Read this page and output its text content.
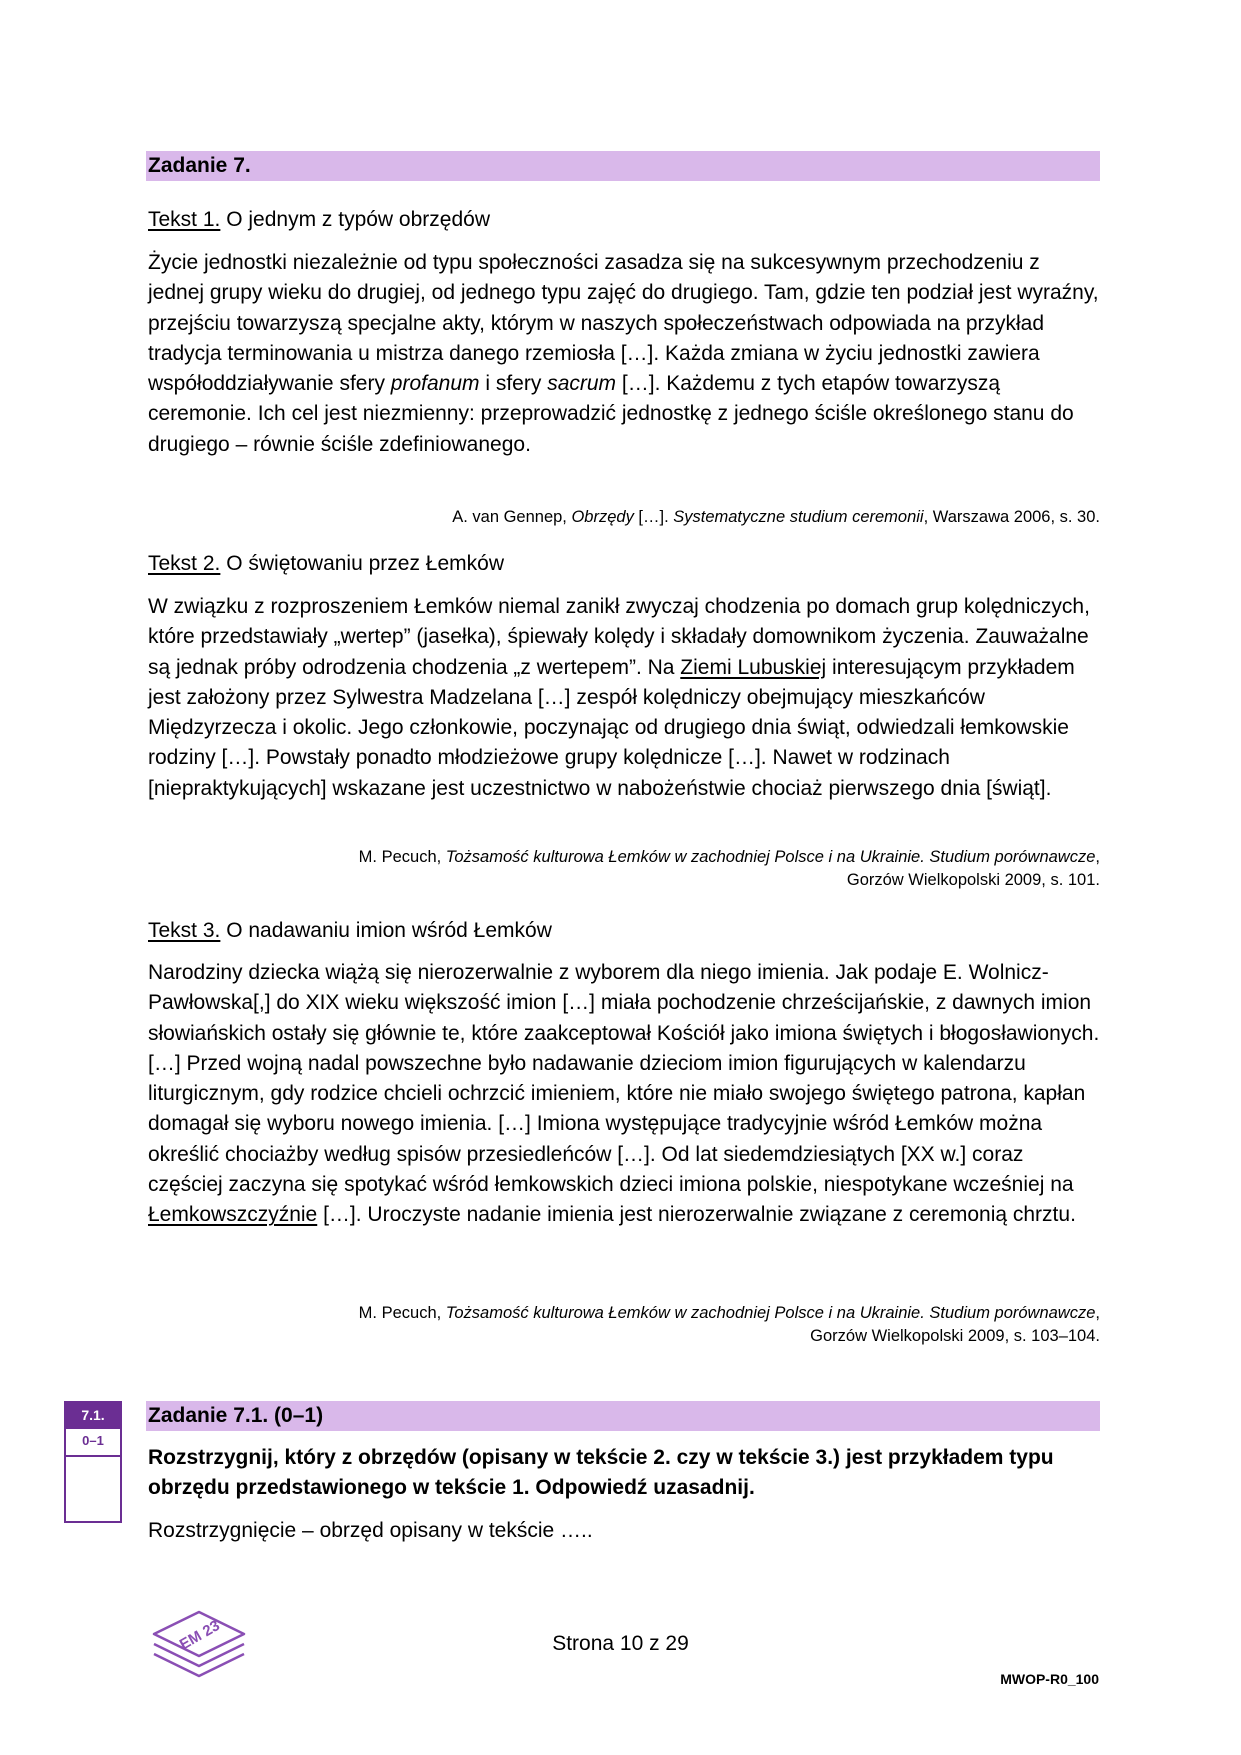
Zadanie 7.
Tekst 1. O jednym z typów obrzędów
Życie jednostki niezależnie od typu społeczności zasadza się na sukcesywnym przechodzeniu z jednej grupy wieku do drugiej, od jednego typu zajęć do drugiego. Tam, gdzie ten podział jest wyraźny, przejściu towarzyszą specjalne akty, którym w naszych społeczeństwach odpowiada na przykład tradycja terminowania u mistrza danego rzemiosła […]. Każda zmiana w życiu jednostki zawiera współoddziaływanie sfery profanum i sfery sacrum […]. Każdemu z tych etapów towarzyszą ceremonie. Ich cel jest niezmienny: przeprowadzić jednostkę z jednego ściśle określonego stanu do drugiego – równie ściśle zdefiniowanego.
A. van Gennep, Obrzędy […]. Systematyczne studium ceremonii, Warszawa 2006, s. 30.
Tekst 2. O świętowaniu przez Łemków
W związku z rozproszeniem Łemków niemal zanikł zwyczaj chodzenia po domach grup kolędniczych, które przedstawiały „wertep” (jasełka), śpiewały kolędy i składały domownikom życzenia. Zauważalne są jednak próby odrodzenia chodzenia „z wertepem”. Na Ziemi Lubuskiej interesującym przykładem jest założony przez Sylwestra Madzelana […] zespół kolędniczy obejmujący mieszkańców Międzyrzecza i okolic. Jego członkowie, poczynając od drugiego dnia świąt, odwiedzali łemkowskie rodziny […]. Powstały ponadto młodzieżowe grupy kolędnicze […]. Nawet w rodzinach [niepraktykujących] wskazane jest uczestnictwo w nabożeństwie chociaż pierwszego dnia [świąt].
M. Pecuch, Tożsamość kulturowa Łemków w zachodniej Polsce i na Ukrainie. Studium porównawcze,
Gorzów Wielkopolski 2009, s. 101.
Tekst 3. O nadawaniu imion wśród Łemków
Narodziny dziecka wiążą się nierozerwalnie z wyborem dla niego imienia. Jak podaje E. Wolnicz-Pawłowska[,] do XIX wieku większość imion […] miała pochodzenie chrześcijańskie, z dawnych imion słowiańskich ostały się głównie te, które zaakceptował Kościół jako imiona świętych i błogosławionych. […] Przed wojną nadal powszechne było nadawanie dzieciom imion figurujących w kalendarzu liturgicznym, gdy rodzice chcieli ochrzcić imieniem, które nie miało swojego świętego patrona, kapłan domagał się wyboru nowego imienia. […] Imiona występujące tradycyjnie wśród Łemków można określić chociażby według spisów przesiedleńców […]. Od lat siedemdziesiątych [XX w.] coraz częściej zaczyna się spotykać wśród łemkowskich dzieci imiona polskie, niespotykane wcześniej na Łemkowszczyźnie […]. Uroczyste nadanie imienia jest nierozerwalnie związane z ceremonią chrztu.
M. Pecuch, Tożsamość kulturowa Łemków w zachodniej Polsce i na Ukrainie. Studium porównawcze,
Gorzów Wielkopolski 2009, s. 103–104.
7.1.
0–1
Zadanie 7.1. (0–1)
Rozstrzygnij, który z obrzędów (opisany w tekście 2. czy w tekście 3.) jest przykładem typu obrzędu przedstawionego w tekście 1. Odpowiedź uzasadnij.
Rozstrzygnięcie – obrzęd opisany w tekście …..
EM 23	Strona 10 z 29
MWOP-R0_100
